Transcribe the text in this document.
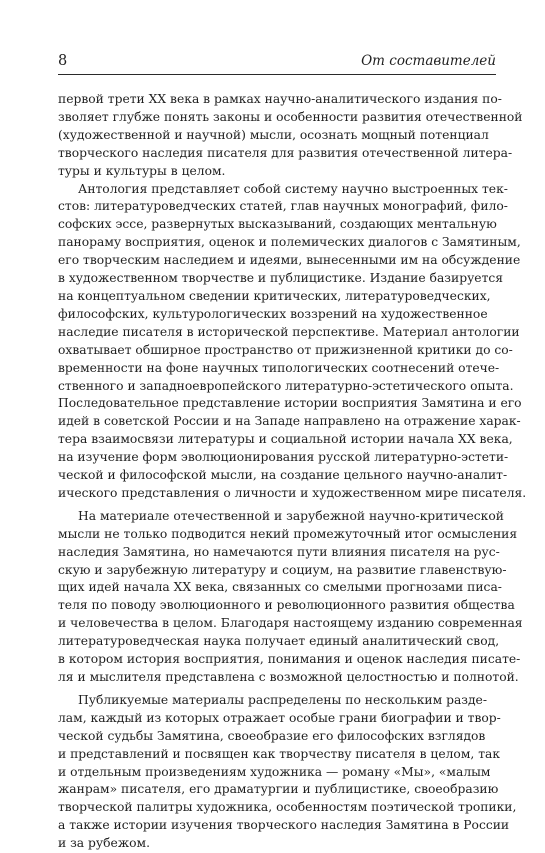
8	От составителей

первой трети XX века в рамках научно-аналитического издания по-
зволяет глубже понять законы и особенности развития отечественной
(художественной и научной) мысли, осознать мощный потенциал
творческого наследия писателя для развития отечественной литера-
туры и культуры в целом.

Антология представляет собой систему научно выстроенных тек-
стов: литературоведческих статей, глав научных монографий, фило-
софских эссе, развернутых высказываний, создающих ментальную
панораму восприятия, оценок и полемических диалогов с Замятиным,
его творческим наследием и идеями, вынесенными им на обсуждение
в художественном творчестве и публицистике. Издание базируется
на концептуальном сведении критических, литературоведческих,
философских, культурологических воззрений на художественное
наследие писателя в исторической перспективе. Материал антологии
охватывает обширное пространство от прижизненной критики до со-
временности на фоне научных типологических соотнесений отече-
ственного и западноевропейского литературно-эстетического опыта.
Последовательное представление истории восприятия Замятина и его
идей в советской России и на Западе направлено на отражение харак-
тера взаимосвязи литературы и социальной истории начала XX века,
на изучение форм эволюционирования русской литературно-эстети-
ческой и философской мысли, на создание цельного научно-аналит-
ического представления о личности и художественном мире писателя.

На материале отечественной и зарубежной научно-критической
мысли не только подводится некий промежуточный итог осмысления
наследия Замятина, но намечаются пути влияния писателя на рус-
скую и зарубежную литературу и социум, на развитие главенствую-
щих идей начала XX века, связанных со смелыми прогнозами писа-
теля по поводу эволюционного и революционного развития общества
и человечества в целом. Благодаря настоящему изданию современная
литературоведческая наука получает единый аналитический свод,
в котором история восприятия, понимания и оценок наследия писате-
ля и мыслителя представлена с возможной целостностью и полнотой.

Публикуемые материалы распределены по нескольким разде-
лам, каждый из которых отражает особые грани биографии и твор-
ческой судьбы Замятина, своеобразие его философских взглядов
и представлений и посвящен как творчеству писателя в целом, так
и отдельным произведениям художника — роману «Мы», «малым
жанрам» писателя, его драматургии и публицистике, своеобразию
творческой палитры художника, особенностям поэтической тропики,
а также истории изучения творческого наследия Замятина в России
и за рубежом.
